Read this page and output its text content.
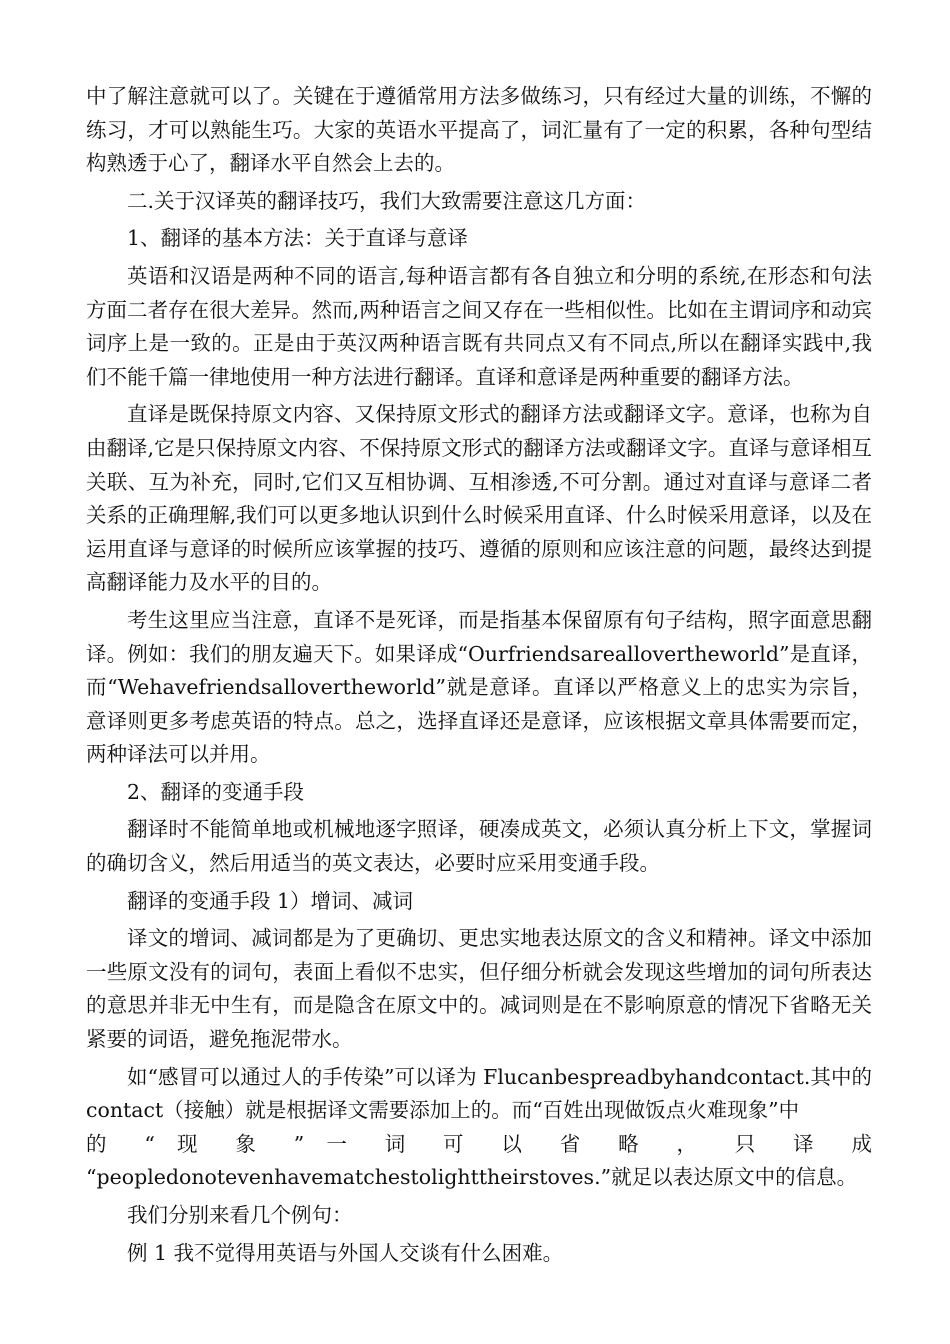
中了解注意就可以了。关键在于遵循常用方法多做练习，只有经过大量的训练，不懈的练习，才可以熟能生巧。大家的英语水平提高了，词汇量有了一定的积累，各种句型结构熟透于心了，翻译水平自然会上去的。

二.关于汉译英的翻译技巧，我们大致需要注意这几方面：

1、翻译的基本方法：关于直译与意译

英语和汉语是两种不同的语言,每种语言都有各自独立和分明的系统,在形态和句法方面二者存在很大差异。然而,两种语言之间又存在一些相似性。比如在主谓词序和动宾词序上是一致的。正是由于英汉两种语言既有共同点又有不同点,所以在翻译实践中,我们不能千篇一律地使用一种方法进行翻译。直译和意译是两种重要的翻译方法。

直译是既保持原文内容、又保持原文形式的翻译方法或翻译文字。意译，也称为自由翻译,它是只保持原文内容、不保持原文形式的翻译方法或翻译文字。直译与意译相互关联、互为补充，同时,它们又互相协调、互相渗透,不可分割。通过对直译与意译二者关系的正确理解,我们可以更多地认识到什么时候采用直译、什么时候采用意译，以及在运用直译与意译的时候所应该掌握的技巧、遵循的原则和应该注意的问题，最终达到提高翻译能力及水平的目的。

考生这里应当注意，直译不是死译，而是指基本保留原有句子结构，照字面意思翻译。例如：我们的朋友遍天下。如果译成“Ourfriendsareallovertheworld”是直译，而“Wehavefriendsallovertheworld”就是意译。直译以严格意义上的忠实为宗旨，意译则更多考虑英语的特点。总之，选择直译还是意译，应该根据文章具体需要而定，两种译法可以并用。

2、翻译的变通手段

翻译时不能简单地或机械地逐字照译，硬凑成英文，必须认真分析上下文，掌握词的确切含义，然后用适当的英文表达，必要时应采用变通手段。

翻译的变通手段 1）增词、减词

译文的增词、减词都是为了更确切、更忠实地表达原文的含义和精神。译文中添加一些原文没有的词句，表面上看似不忠实，但仔细分析就会发现这些增加的词句所表达的意思并非无中生有，而是隐含在原文中的。减词则是在不影响原意的情况下省略无关紧要的词语，避免拖泥带水。

如“感冒可以通过人的手传染”可以译为 Flucanbespreadbyhandcontact.其中的contact（接触）就是根据译文需要添加上的。而“百姓出现做饭点火难现象”中

的 “ 现 象 ” 一 词 可 以 省 略 ， 只 译 成

“peopledonotevenhavematchestolighttheirstoves.”就足以表达原文中的信息。

我们分别来看几个例句：

例 1 我不觉得用英语与外国人交谈有什么困难。
